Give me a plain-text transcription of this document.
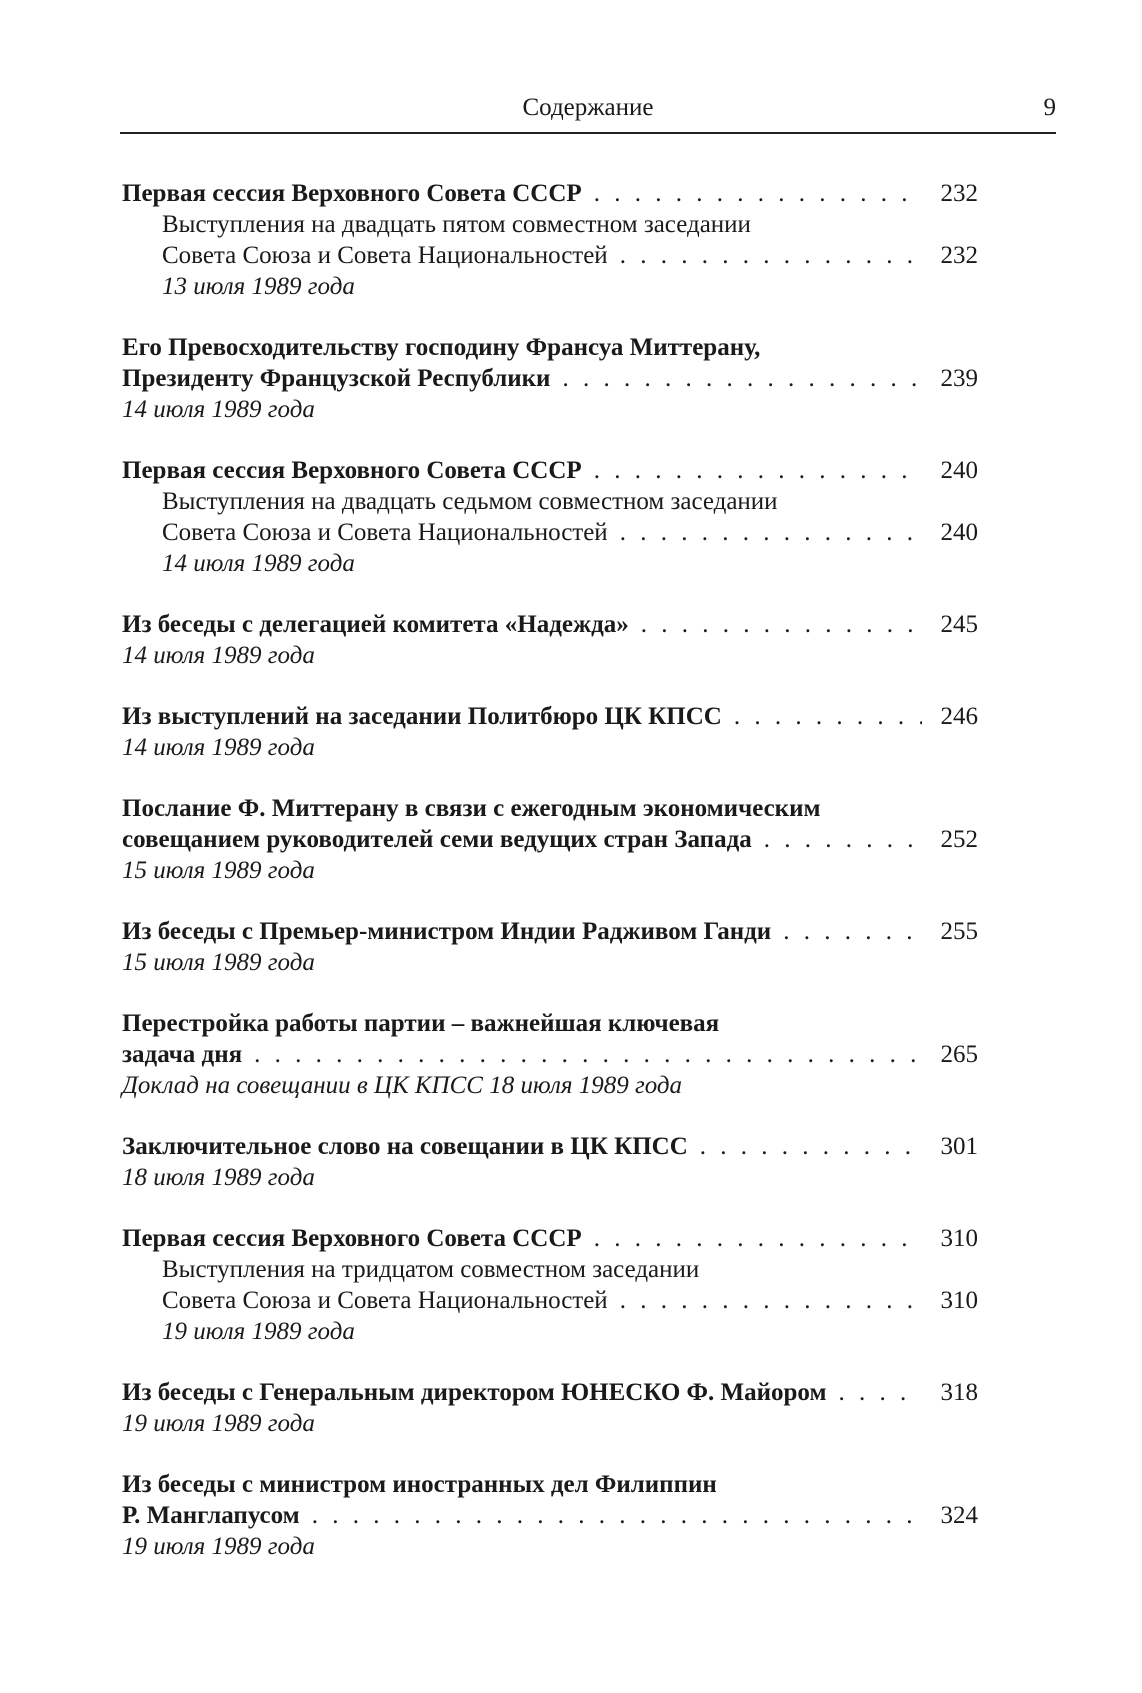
Содержание	9
Первая сессия Верховного Совета СССР . . .	232
Выступления на двадцать пятом совместном заседании
Совета Союза и Совета Национальностей . . .	232
13 июля 1989 года
Его Превосходительству господину Франсуа Миттерану,
Президенту Французской Республики . . .	239
14 июля 1989 года
Первая сессия Верховного Совета СССР . . .	240
Выступления на двадцать седьмом совместном заседании
Совета Союза и Совета Национальностей . . .	240
14 июля 1989 года
Из беседы с делегацией комитета «Надежда» . . .	245
14 июля 1989 года
Из выступлений на заседании Политбюро ЦК КПСС . . .	246
14 июля 1989 года
Послание Ф. Миттерану в связи с ежегодным экономическим
совещанием руководителей семи ведущих стран Запада . . .	252
15 июля 1989 года
Из беседы с Премьер-министром Индии Радживом Ганди . . .	255
15 июля 1989 года
Перестройка работы партии – важнейшая ключевая
задача дня . . .	265
Доклад на совещании в ЦК КПСС 18 июля 1989 года
Заключительное слово на совещании в ЦК КПСС . . .	301
18 июля 1989 года
Первая сессия Верховного Совета СССР . . .	310
Выступления на тридцатом совместном заседании
Совета Союза и Совета Национальностей . . .	310
19 июля 1989 года
Из беседы с Генеральным директором ЮНЕСКО Ф. Майором . . .	318
19 июля 1989 года
Из беседы с министром иностранных дел Филиппин
Р. Манглапусом . . .	324
19 июля 1989 года
